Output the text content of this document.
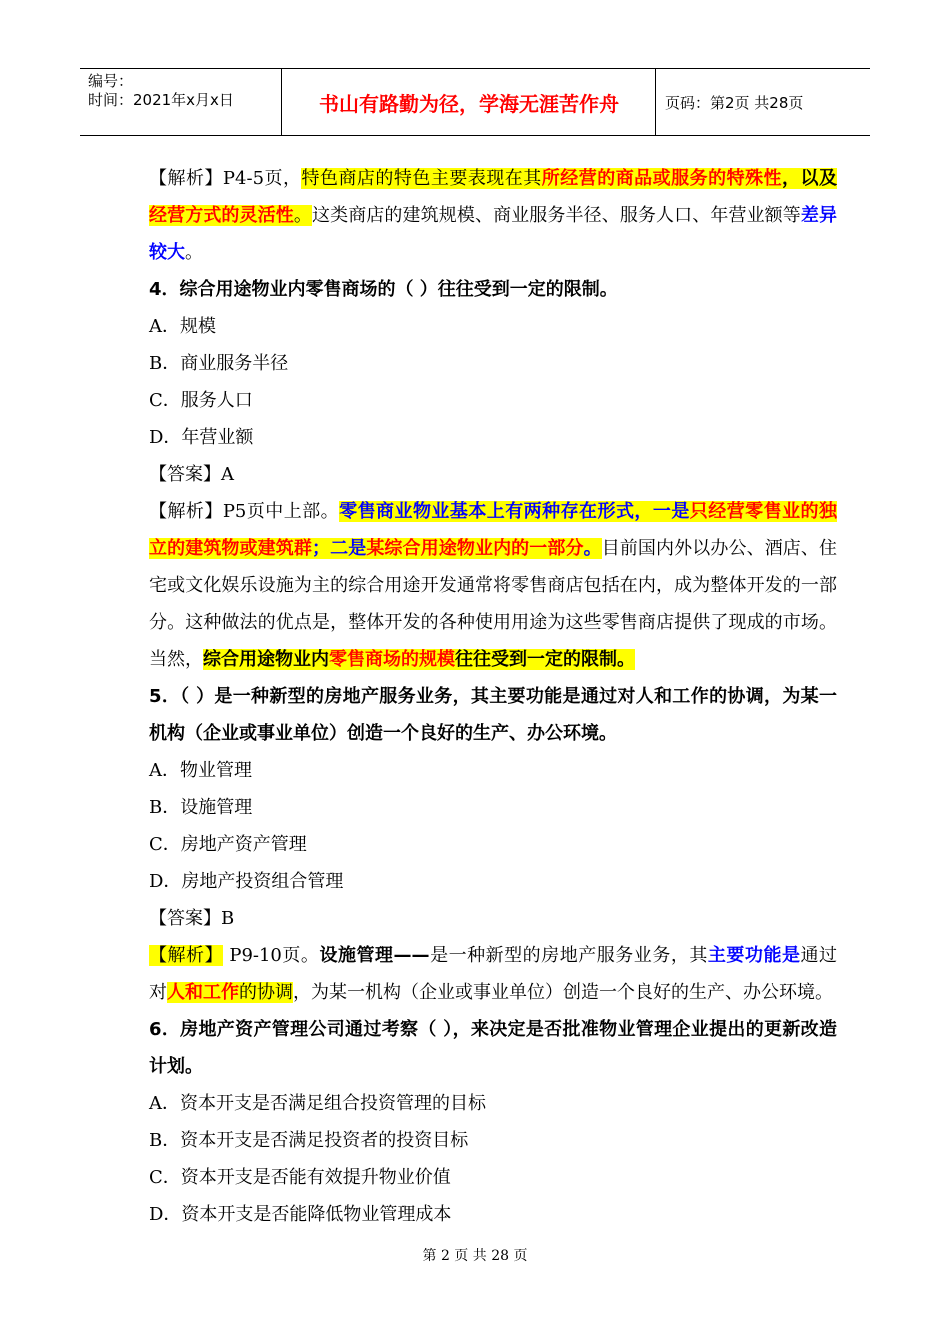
编号：
时间：2021年x月x日	书山有路勤为径，学海无涯苦作舟	页码：第2页 共28页

【解析】P4-5页，特色商店的特色主要表现在其所经营的商品或服务的特殊性，以及经营方式的灵活性。这类商店的建筑规模、商业服务半径、服务人口、年营业额等差异较大。

4．综合用途物业内零售商场的（ ）往往受到一定的限制。

A．规模

B．商业服务半径

C．服务人口

D．年营业额

【答案】A

【解析】P5页中上部。零售商业物业基本上有两种存在形式，一是只经营零售业的独立的建筑物或建筑群；二是某综合用途物业内的一部分。目前国内外以办公、酒店、住宅或文化娱乐设施为主的综合用途开发通常将零售商店包括在内，成为整体开发的一部分。这种做法的优点是，整体开发的各种使用用途为这些零售商店提供了现成的市场。当然，综合用途物业内零售商场的规模往往受到一定的限制。

5．（ ）是一种新型的房地产服务业务，其主要功能是通过对人和工作的协调，为某一机构（企业或事业单位）创造一个良好的生产、办公环境。

A．物业管理

B．设施管理

C．房地产资产管理

D．房地产投资组合管理

【答案】B

【解析】 P9-10页。设施管理——是一种新型的房地产服务业务，其主要功能是通过对人和工作的协调，为某一机构（企业或事业单位）创造一个良好的生产、办公环境。

6．房地产资产管理公司通过考察（ ），来决定是否批准物业管理企业提出的更新改造计划。

A．资本开支是否满足组合投资管理的目标

B．资本开支是否满足投资者的投资目标

C．资本开支是否能有效提升物业价值

D．资本开支是否能降低物业管理成本

第 2 页 共 28 页
